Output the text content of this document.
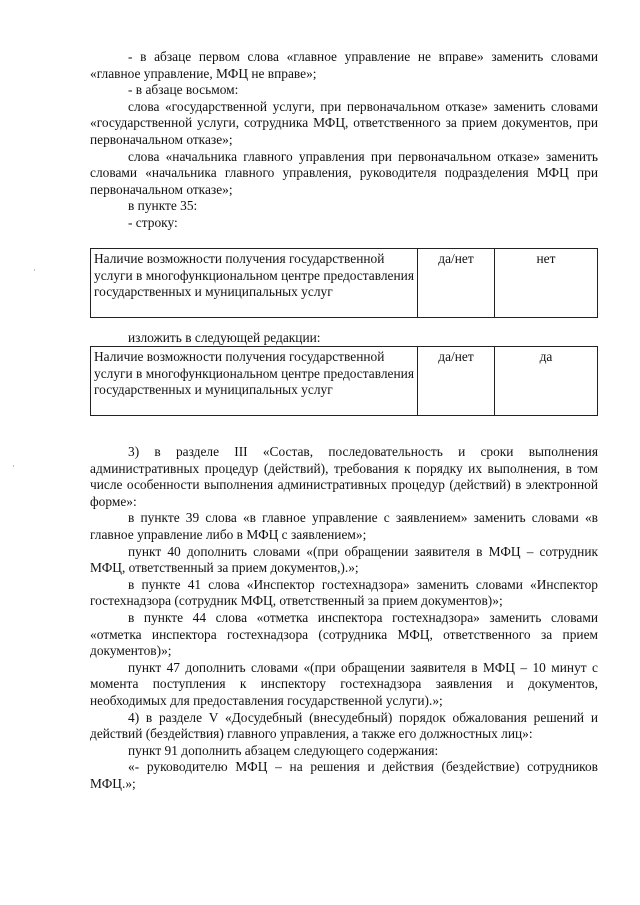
·
·

- в абзаце первом слова «главное управление не вправе» заменить словами «главное управление, МФЦ не вправе»;

- в абзаце восьмом:

слова «государственной услуги, при первоначальном отказе» заменить словами «государственной услуги, сотрудника МФЦ, ответственного за прием документов, при первоначальном отказе»;

слова «начальника главного управления при первоначальном отказе» заменить словами «начальника главного управления, руководителя подразделения МФЦ при первоначальном отказе»;

в пункте 35:

- строку:

Наличие возможности получения государственной услуги в многофункциональном центре предоставления государственных и муниципальных услуг	да/нет	нет

изложить в следующей редакции:

Наличие возможности получения государственной услуги в многофункциональном центре предоставления государственных и муниципальных услуг	да/нет	да

3) в разделе III «Состав, последовательность и сроки выполнения административных процедур (действий), требования к порядку их выполнения, в том числе особенности выполнения административных процедур (действий) в электронной форме»:

в пункте 39 слова «в главное управление с заявлением» заменить словами «в главное управление либо в МФЦ с заявлением»;

пункт 40 дополнить словами «(при обращении заявителя в МФЦ – сотрудник МФЦ, ответственный за прием документов,).»;

в пункте 41 слова «Инспектор гостехнадзора» заменить словами «Инспектор гостехнадзора (сотрудник МФЦ, ответственный за прием документов)»;

в пункте 44 слова «отметка инспектора гостехнадзора» заменить словами «отметка инспектора гостехнадзора (сотрудника МФЦ, ответственного за прием документов)»;

пункт 47 дополнить словами «(при обращении заявителя в МФЦ – 10 минут с момента поступления к инспектору гостехнадзора заявления и документов, необходимых для предоставления государственной услуги).»;

4) в разделе V «Досудебный (внесудебный) порядок обжалования решений и действий (бездействия) главного управления, а также его должностных лиц»:

пункт 91 дополнить абзацем следующего содержания:

«- руководителю МФЦ – на решения и действия (бездействие) сотрудников МФЦ.»;
